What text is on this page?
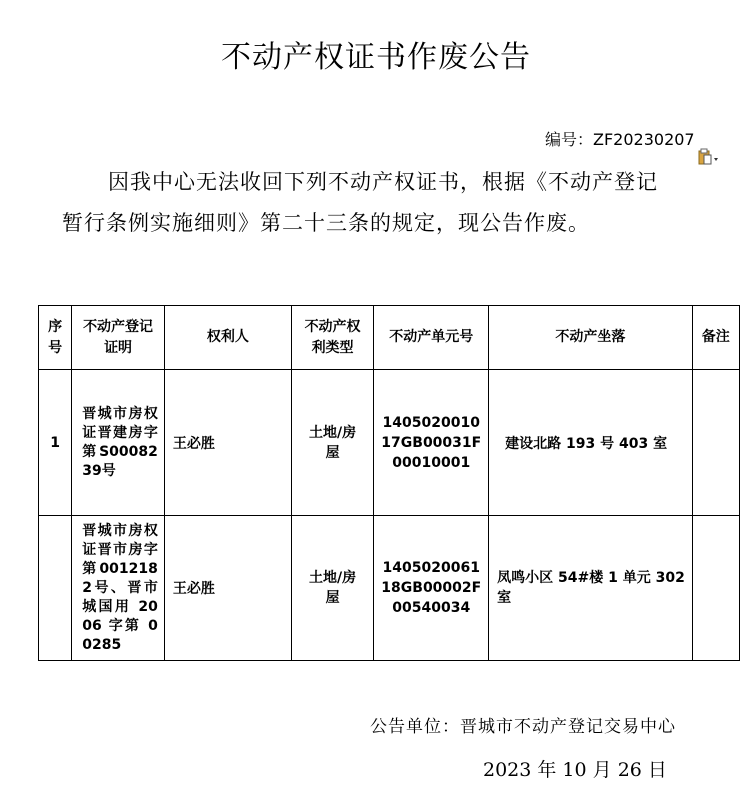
不动产权证书作废公告
编号：ZF20230207
因我中心无法收回下列不动产权证书，根据《不动产登记
暂行条例实施细则》第二十三条的规定，现公告作废。
序号	不动产登记证明	权利人	不动产权利类型	不动产单元号	不动产坐落	备注
1	晋城市房权证晋建房字第S0008239号	王必胜	土地/房屋	140502001017GB00031F00010001	建设北路 193 号 403 室	
	晋城市房权证晋市房字第0012182号、晋市城国用 2006 字第 00285	王必胜	土地/房屋	140502006118GB00002F00540034	凤鸣小区 54#楼 1 单元 302 室	
公告单位：晋城市不动产登记交易中心
2023 年 10 月 26 日
